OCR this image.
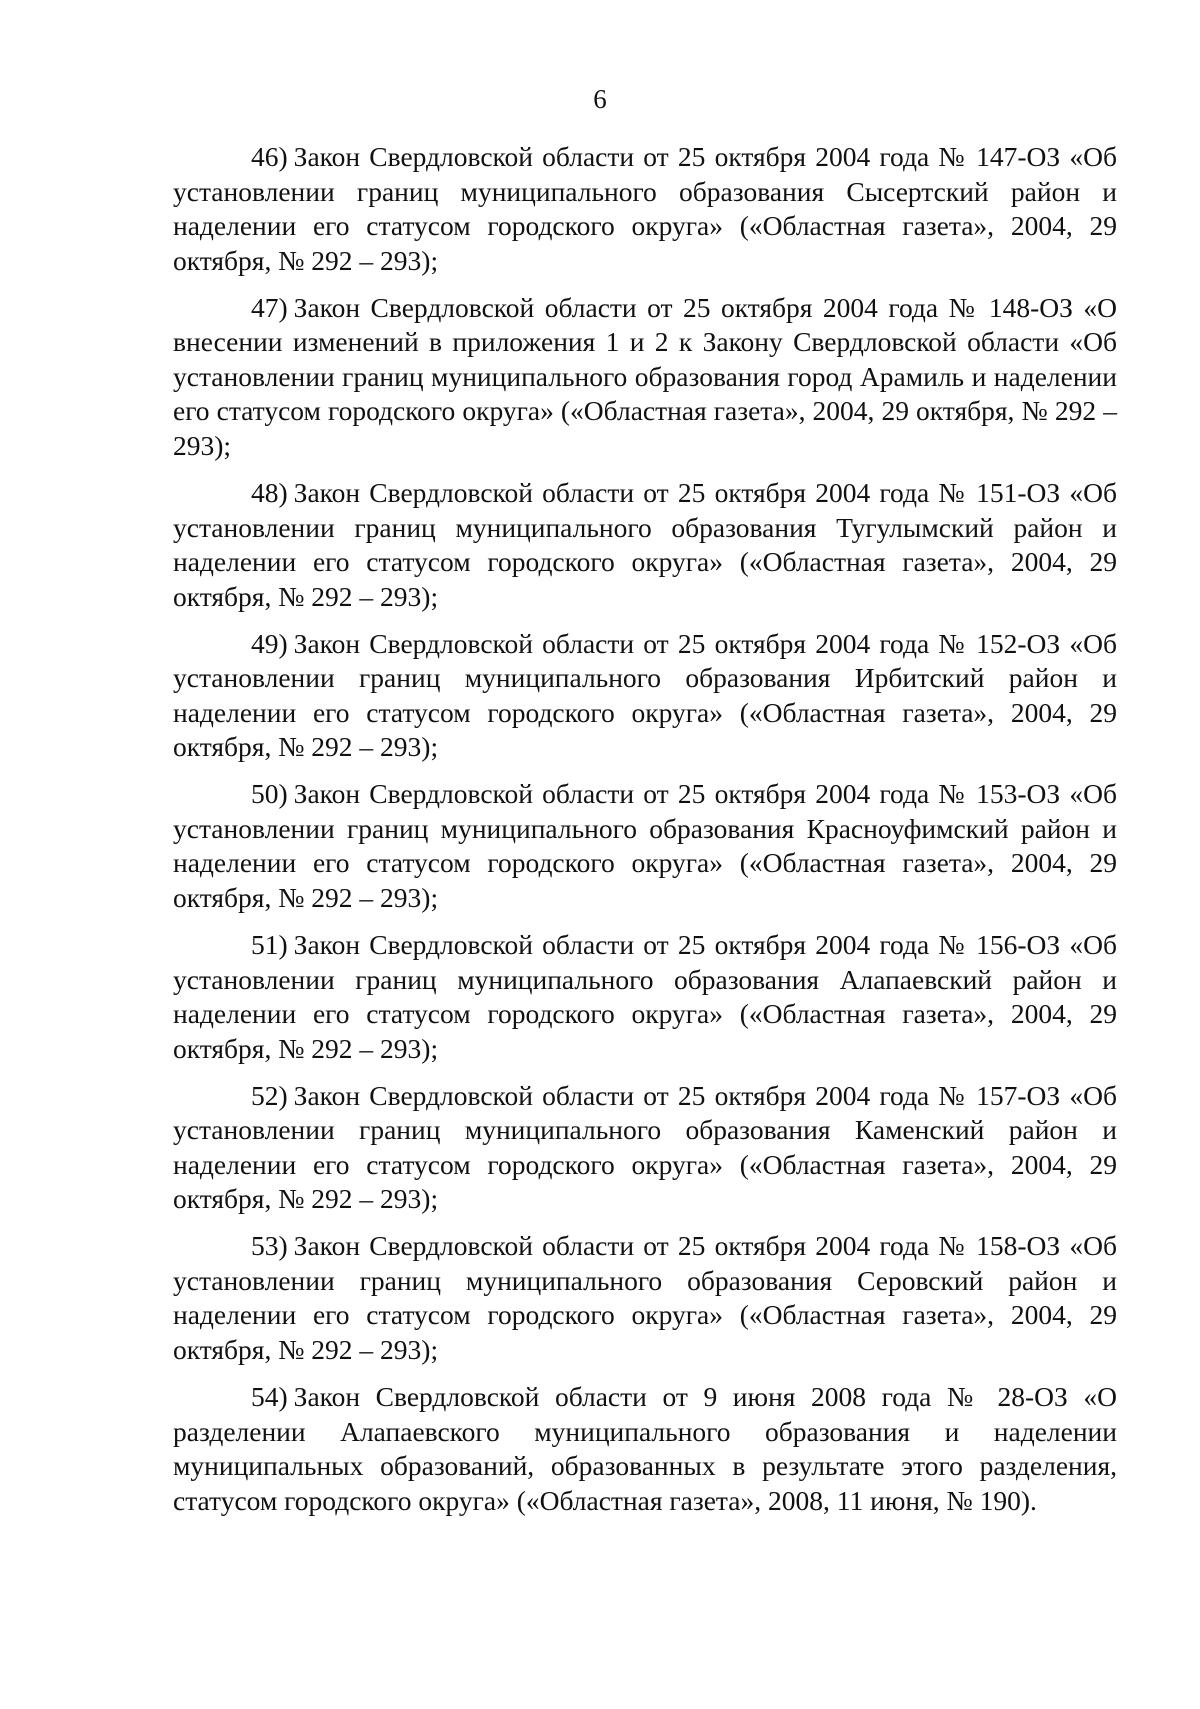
6

46) Закон Свердловской области от 25 октября 2004 года № 147-ОЗ «Об установлении границ муниципального образования Сысертский район и наделении его статусом городского округа» («Областная газета», 2004, 29 октября, № 292 – 293);

47) Закон Свердловской области от 25 октября 2004 года № 148-ОЗ «О внесении изменений в приложения 1 и 2 к Закону Свердловской области «Об установлении границ муниципального образования город Арамиль и наделении его статусом городского округа» («Областная газета», 2004, 29 октября, № 292 – 293);

48) Закон Свердловской области от 25 октября 2004 года № 151-ОЗ «Об установлении границ муниципального образования Тугулымский район и наделении его статусом городского округа» («Областная газета», 2004, 29 октября, № 292 – 293);

49) Закон Свердловской области от 25 октября 2004 года № 152-ОЗ «Об установлении границ муниципального образования Ирбитский район и наделении его статусом городского округа» («Областная газета», 2004, 29 октября, № 292 – 293);

50) Закон Свердловской области от 25 октября 2004 года № 153-ОЗ «Об установлении границ муниципального образования Красноуфимский район и наделении его статусом городского округа» («Областная газета», 2004, 29 октября, № 292 – 293);

51) Закон Свердловской области от 25 октября 2004 года № 156-ОЗ «Об установлении границ муниципального образования Алапаевский район и наделении его статусом городского округа» («Областная газета», 2004, 29 октября, № 292 – 293);

52) Закон Свердловской области от 25 октября 2004 года № 157-ОЗ «Об установлении границ муниципального образования Каменский район и наделении его статусом городского округа» («Областная газета», 2004, 29 октября, № 292 – 293);

53) Закон Свердловской области от 25 октября 2004 года № 158-ОЗ «Об установлении границ муниципального образования Серовский район и наделении его статусом городского округа» («Областная газета», 2004, 29 октября, № 292 – 293);

54) Закон Свердловской области от 9 июня 2008 года № 28-ОЗ «О разделении Алапаевского муниципального образования и наделении муниципальных образований, образованных в результате этого разделения, статусом городского округа» («Областная газета», 2008, 11 июня, № 190).
